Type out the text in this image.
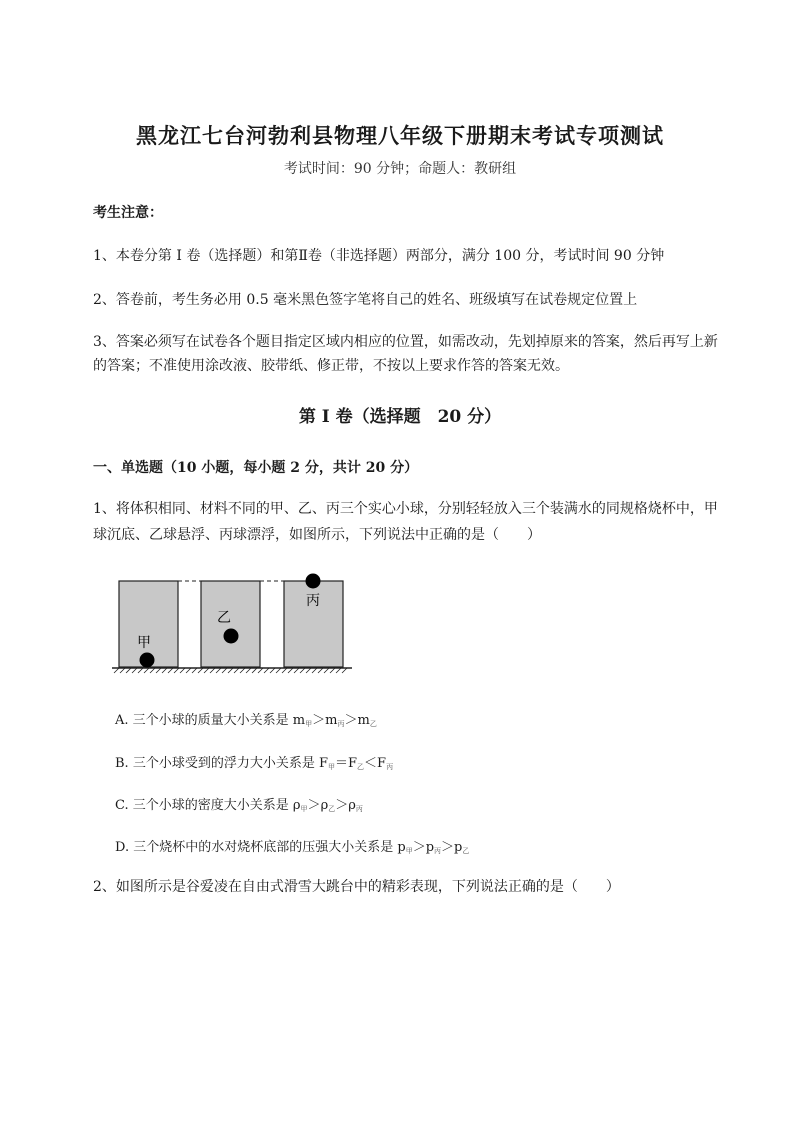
黑龙江七台河勃利县物理八年级下册期末考试专项测试
考试时间：90 分钟；命题人：教研组
考生注意：
1、本卷分第 I 卷（选择题）和第Ⅱ卷（非选择题）两部分，满分 100 分，考试时间 90 分钟
2、答卷前，考生务必用 0.5 毫米黑色签字笔将自己的姓名、班级填写在试卷规定位置上
3、答案必须写在试卷各个题目指定区域内相应的位置，如需改动，先划掉原来的答案，然后再写上新
的答案；不准使用涂改液、胶带纸、修正带，不按以上要求作答的答案无效。
第 I 卷（选择题　20 分）
一、单选题（10 小题，每小题 2 分，共计 20 分）
1、将体积相同、材料不同的甲、乙、丙三个实心小球，分别轻轻放入三个装满水的同规格烧杯中，甲
球沉底、乙球悬浮、丙球漂浮，如图所示，下列说法中正确的是（　　）
甲
乙
丙
A. 三个小球的质量大小关系是 $m_甲>m_丙>m_乙$
B. 三个小球受到的浮力大小关系是 $F_甲=F_乙<F_丙$
C. 三个小球的密度大小关系是 $\rho_甲>\rho_乙>\rho_丙$
D. 三个烧杯中的水对烧杯底部的压强大小关系是 $p_甲>p_丙>p_乙$
2、如图所示是谷爱凌在自由式滑雪大跳台中的精彩表现，下列说法正确的是（　　）
